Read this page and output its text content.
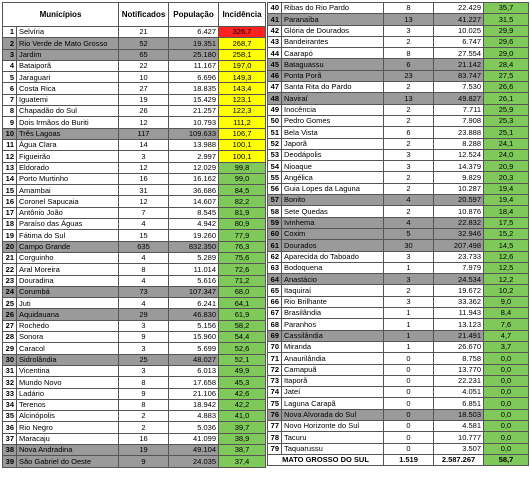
Municípios		Notificados	População	Incidência
1	Selvíria	21	6.427	326,7
2	Rio Verde de Mato Grosso	52	19.351	268,7
3	Jardim	65	25.180	258,1
4	Bataiporã	22	11.167	197,0
5	Jaraguari	10	6.696	149,3
6	Costa Rica	27	18.835	143,4
7	Iguatemi	19	15.429	123,1
8	Chapadão do Sul	26	21.257	122,3
9	Dois Irmãos do Buriti	12	10.793	111,2
10	Três Lagoas	117	109.633	106,7
11	Água Clara	14	13.988	100,1
12	Figueirão	3	2.997	100,1
13	Eldorado	12	12.029	99,8
14	Porto Murtinho	16	16.162	99,0
15	Amambai	31	36.686	84,5
16	Coronel Sapucaia	12	14.607	82,2
17	Antônio João	7	8.545	81,9
18	Paraíso das Águas	4	4.942	80,9
19	Fátima do Sul	15	19.260	77,9
20	Campo Grande	635	832.350	76,3
21	Corguinho	4	5.289	75,6
22	Aral Moreira	8	11.014	72,6
23	Douradina	4	5.616	71,2
24	Corumbá	73	107.347	68,0
25	Juti	4	6.241	64,1
26	Aquidauana	29	46.830	61,9
27	Rochedo	3	5.156	58,2
28	Sonora	9	15.960	54,4
29	Caracol	3	5.699	52,6
30	Sidrolândia	25	48.027	52,1
31	Vicentina	3	6.013	49,9
32	Mundo Novo	8	17.658	45,3
33	Ladário	9	21.106	42,6
34	Terenos	8	18.942	42,2
35	Alcinópolis	2	4.883	41,0
36	Rio Negro	2	5.036	39,7
37	Maracaju	16	41.099	38,9
38	Nova Andradina	19	49.104	38,7
39	São Gabriel do Oeste	9	24.035	37,4
40	Ribas do Rio Pardo	8	22.429	35,7
41	Paranaíba	13	41.227	31,5
42	Glória de Dourados	3	10.025	29,9
43	Bandeirantes	2	6.747	29,6
44	Caarapó	8	27.554	29,0
45	Bataguassu	6	21.142	28,4
46	Ponta Porã	23	83.747	27,5
47	Santa Rita do Pardo	2	7.530	26,6
48	Naviraí	13	49.827	26,1
49	Inocência	2	7.711	25,9
50	Pedro Gomes	2	7.908	25,3
51	Bela Vista	6	23.888	25,1
52	Japorã	2	8.288	24,1
53	Deodápolis	3	12.524	24,0
54	Nioaque	3	14.379	20,9
55	Angélica	2	9.829	20,3
56	Guia Lopes da Laguna	2	10.287	19,4
57	Bonito	4	20.597	19,4
58	Sete Quedas	2	10.876	18,4
59	Ivinhema	4	22.832	17,5
60	Coxim	5	32.946	15,2
61	Dourados	30	207.498	14,5
62	Aparecida do Taboado	3	23.733	12,6
63	Bodoquena	1	7.979	12,5
64	Anastácio	3	24.534	12,2
65	Itaquiraí	2	19.672	10,2
66	Rio Brilhante	3	33.362	9,0
67	Brasilândia	1	11.943	8,4
68	Paranhos	1	13.123	7,6
69	Cassilândia	1	21.491	4,7
70	Miranda	1	26.670	3,7
71	Anaurilândia	0	8.758	0,0
72	Camapuã	0	13.770	0,0
73	Itaporã	0	22.231	0,0
74	Jateí	0	4.051	0,0
75	Laguna Carapã	0	6.851	0,0
76	Nova Alvorada do Sul	0	18.503	0,0
77	Novo Horizonte do Sul	0	4.581	0,0
78	Tacuru	0	10.777	0,0
79	Taquarussu	0	3.507	0,0
MATO GROSSO DO SUL		1.519	2.587.267	58,7
